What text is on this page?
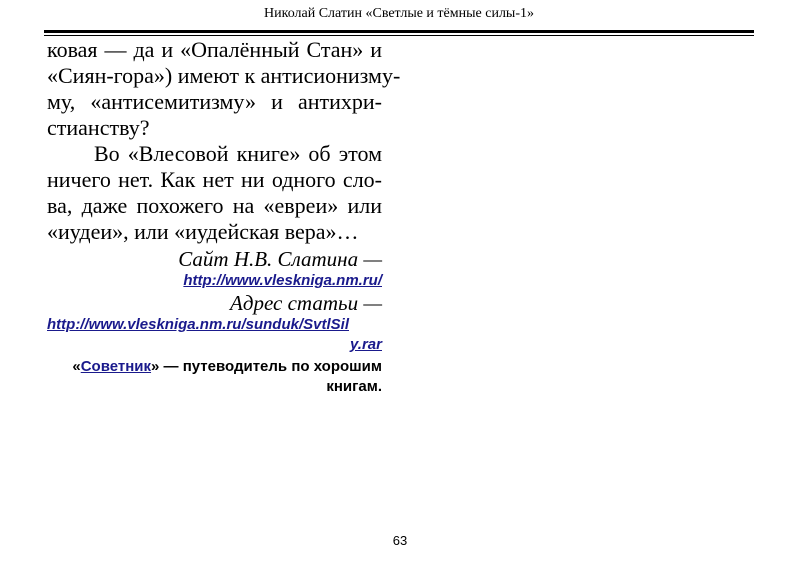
Николай Слатин «Светлые и тёмные силы-1»
ковая — да и «Опалённый Стан» и
«Сиян-гора») имеют к антисионизму-
му, «антисемитизму» и антихри-
стианству?
Во «Влесовой книге» об этом
ничего нет. Как нет ни одного сло-
ва, даже похожего на «евреи» или
«иудеи», или «иудейская вера»…
Сайт Н.В. Слатина —
http://www.vlesknіga.nm.ru/
Адрес статьи —
http://www.vlesknіga.nm.ru/sunduk/SvtlSil
y.rar
«Советник» — путеводитель по хорошим книгам.
63
